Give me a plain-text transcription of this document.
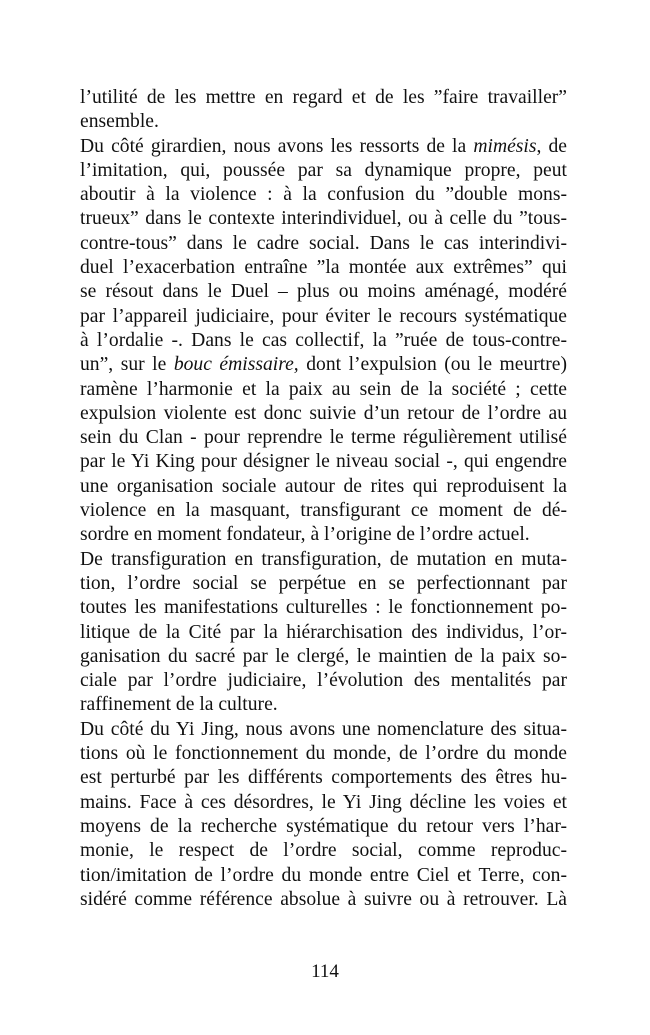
l’utilité de les mettre en regard et de les ”faire travailler”
ensemble.
Du côté girardien, nous avons les ressorts de la mimésis, de
l’imitation, qui, poussée par sa dynamique propre, peut
aboutir à la violence : à la confusion du ”double mons-
trueux” dans le contexte interindividuel, ou à celle du ”tous-
contre-tous” dans le cadre social. Dans le cas interindivi-
duel l’exacerbation entraîne ”la montée aux extrêmes” qui
se résout dans le Duel – plus ou moins aménagé, modéré
par l’appareil judiciaire, pour éviter le recours systématique
à l’ordalie -. Dans le cas collectif, la ”ruée de tous-contre-
un”, sur le bouc émissaire, dont l’expulsion (ou le meurtre)
ramène l’harmonie et la paix au sein de la société ; cette
expulsion violente est donc suivie d’un retour de l’ordre au
sein du Clan - pour reprendre le terme régulièrement utilisé
par le Yi King pour désigner le niveau social -, qui engendre
une organisation sociale autour de rites qui reproduisent la
violence en la masquant, transfigurant ce moment de dé-
sordre en moment fondateur, à l’origine de l’ordre actuel.
De transfiguration en transfiguration, de mutation en muta-
tion, l’ordre social se perpétue en se perfectionnant par
toutes les manifestations culturelles : le fonctionnement po-
litique de la Cité par la hiérarchisation des individus, l’or-
ganisation du sacré par le clergé, le maintien de la paix so-
ciale par l’ordre judiciaire, l’évolution des mentalités par
raffinement de la culture.
Du côté du Yi Jing, nous avons une nomenclature des situa-
tions où le fonctionnement du monde, de l’ordre du monde
est perturbé par les différents comportements des êtres hu-
mains. Face à ces désordres, le Yi Jing décline les voies et
moyens de la recherche systématique du retour vers l’har-
monie, le respect de l’ordre social, comme reproduc-
tion/imitation de l’ordre du monde entre Ciel et Terre, con-
sidéré comme référence absolue à suivre ou à retrouver. Là
114
